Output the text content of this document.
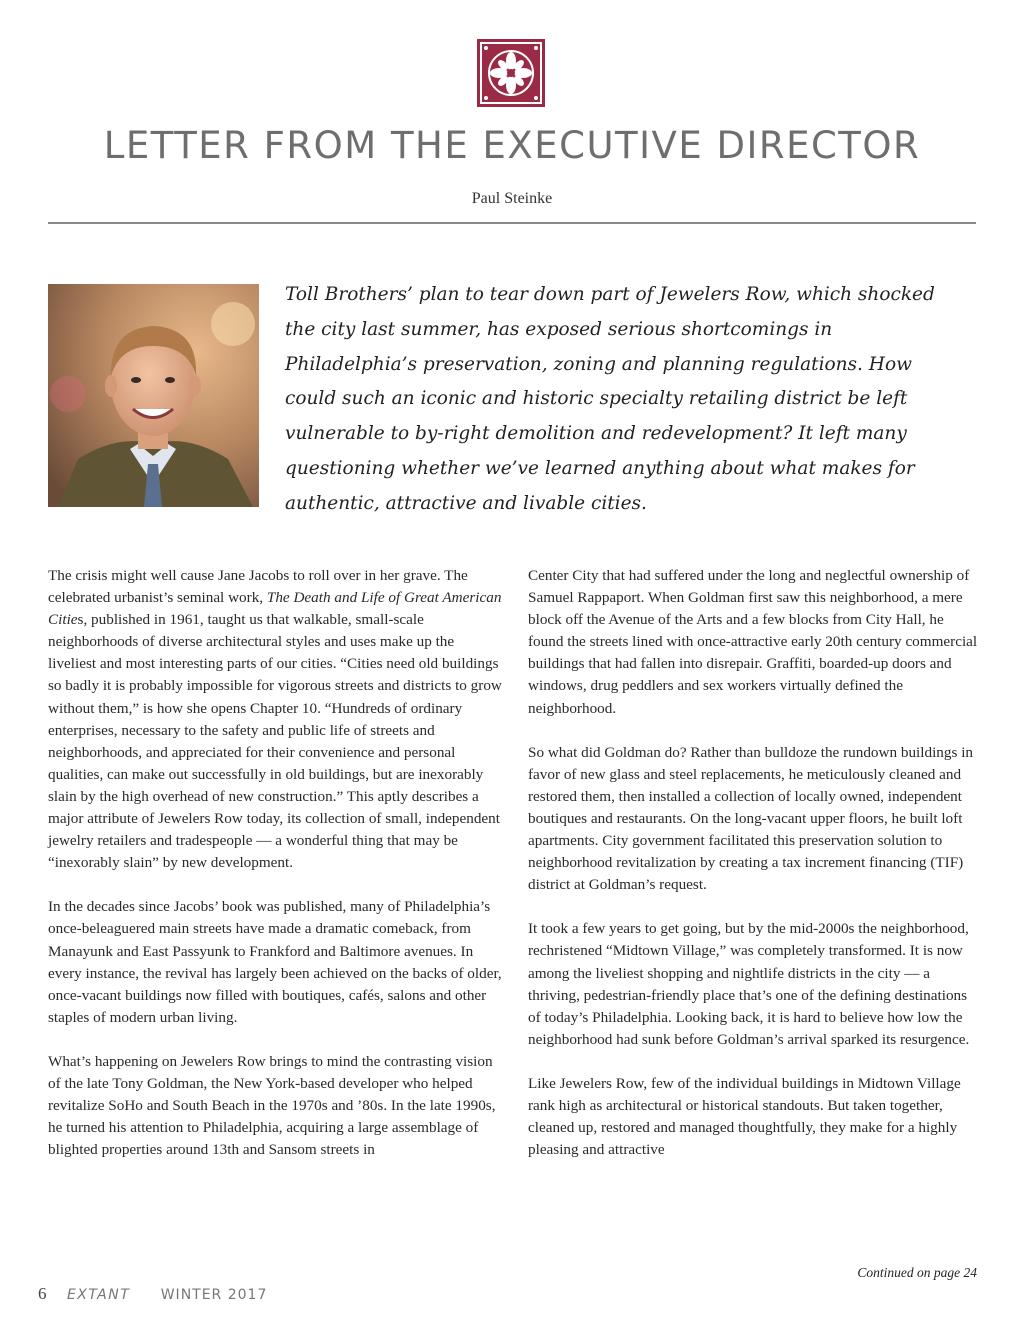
LETTER FROM THE EXECUTIVE DIRECTOR
Paul Steinke

Toll Brothers’ plan to tear down part of Jewelers Row, which shocked the city last summer, has exposed serious shortcomings in Philadelphia’s preservation, zoning and planning regulations. How could such an iconic and historic specialty retailing district be left vulnerable to by-right demolition and redevelopment? It left many questioning whether we’ve learned anything about what makes for authentic, attractive and livable cities.

The crisis might well cause Jane Jacobs to roll over in her grave. The celebrated urbanist’s seminal work, The Death and Life of Great American Cities, published in 1961, taught us that walkable, small-scale neighborhoods of diverse architectural styles and uses make up the liveliest and most interesting parts of our cities. “Cities need old buildings so badly it is probably impossible for vigorous streets and districts to grow without them,” is how she opens Chapter 10. “Hundreds of ordinary enterprises, necessary to the safety and public life of streets and neighborhoods, and appreciated for their convenience and personal qualities, can make out successfully in old buildings, but are inexorably slain by the high overhead of new construction.” This aptly describes a major attribute of Jewelers Row today, its collection of small, independent jewelry retailers and tradespeople — a wonderful thing that may be “inexorably slain” by new development.

In the decades since Jacobs’ book was published, many of Philadelphia’s once-beleaguered main streets have made a dramatic comeback, from Manayunk and East Passyunk to Frankford and Baltimore avenues. In every instance, the revival has largely been achieved on the backs of older, once-vacant buildings now filled with boutiques, cafés, salons and other staples of modern urban living.

What’s happening on Jewelers Row brings to mind the contrasting vision of the late Tony Goldman, the New York-based developer who helped revitalize SoHo and South Beach in the 1970s and ’80s. In the late 1990s, he turned his attention to Philadelphia, acquiring a large assemblage of blighted properties around 13th and Sansom streets in

Center City that had suffered under the long and neglectful ownership of Samuel Rappaport. When Goldman first saw this neighborhood, a mere block off the Avenue of the Arts and a few blocks from City Hall, he found the streets lined with once-attractive early 20th century commercial buildings that had fallen into disrepair. Graffiti, boarded-up doors and windows, drug peddlers and sex workers virtually defined the neighborhood.

So what did Goldman do? Rather than bulldoze the rundown buildings in favor of new glass and steel replacements, he meticulously cleaned and restored them, then installed a collection of locally owned, independent boutiques and restaurants. On the long-vacant upper floors, he built loft apartments. City government facilitated this preservation solution to neighborhood revitalization by creating a tax increment financing (TIF) district at Goldman’s request.

It took a few years to get going, but by the mid-2000s the neighborhood, rechristened “Midtown Village,” was completely transformed. It is now among the liveliest shopping and nightlife districts in the city — a thriving, pedestrian-friendly place that’s one of the defining destinations of today’s Philadelphia. Looking back, it is hard to believe how low the neighborhood had sunk before Goldman’s arrival sparked its resurgence.

Like Jewelers Row, few of the individual buildings in Midtown Village rank high as architectural or historical standouts. But taken together, cleaned up, restored and managed thoughtfully, they make for a highly pleasing and attractive

Continued on page 24
6 EXTANT WINTER 2017
